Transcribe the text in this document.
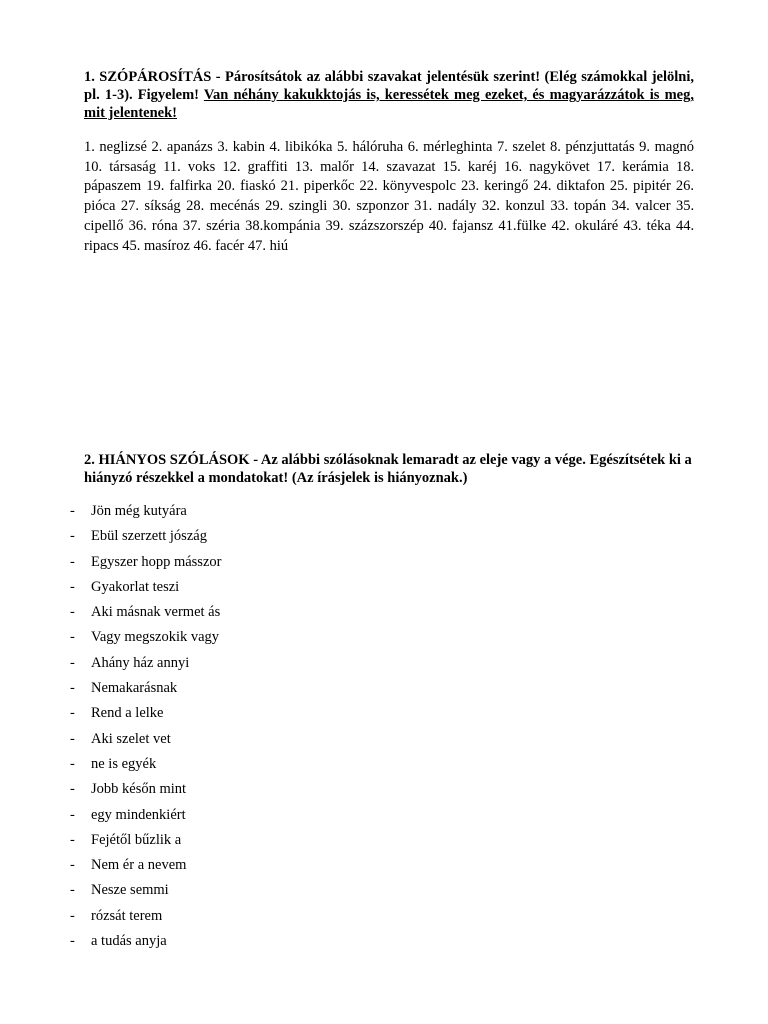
1. SZÓPÁROSÍTÁS - Párosítsátok az alábbi szavakat jelentésük szerint! (Elég számokkal jelölni, pl. 1-3). Figyelem! Van néhány kakukktojás is, keressétek meg ezeket, és magyarázzátok is meg, mit jelentenek!

1. neglizsé 2. apanázs 3. kabin 4. libikóka 5. hálóruha 6. mérleghinta 7. szelet 8. pénzjuttatás 9. magnó 10. társaság 11. voks 12. graffiti 13. malőr 14. szavazat 15. karéj 16. nagykövet 17. kerámia 18. pápaszem 19. falfirka 20. fiaskó 21. piperkőc 22. könyvespolc 23. keringő 24. diktafon 25. pipitér 26. pióca 27. síkság 28. mecénás 29. szingli 30. szponzor 31. nadály 32. konzul 33. topán 34. valcer 35. cipellő 36. róna 37. széria 38.kompánia 39. százszorszép 40. fajansz 41.fülke 42. okuláré 43. téka 44. ripacs 45. masíroz 46. facér 47. hiú

2. HIÁNYOS SZÓLÁSOK - Az alábbi szólásoknak lemaradt az eleje vagy a vége. Egészítsétek ki a hiányzó részekkel a mondatokat! (Az írásjelek is hiányoznak.)

-	Jön még kutyára
-	Ebül szerzett jószág
-	Egyszer hopp másszor
-	Gyakorlat teszi
-	Aki másnak vermet ás
-	Vagy megszokik vagy
-	Ahány ház annyi
-	Nemakarásnak
-	Rend a lelke
-	Aki szelet vet
-	ne is egyék
-	Jobb későn mint
-	egy mindenkiért
-	Fejétől bűzlik a
-	Nem ér a nevem
-	Nesze semmi
-	rózsát terem
-	a tudás anyja
